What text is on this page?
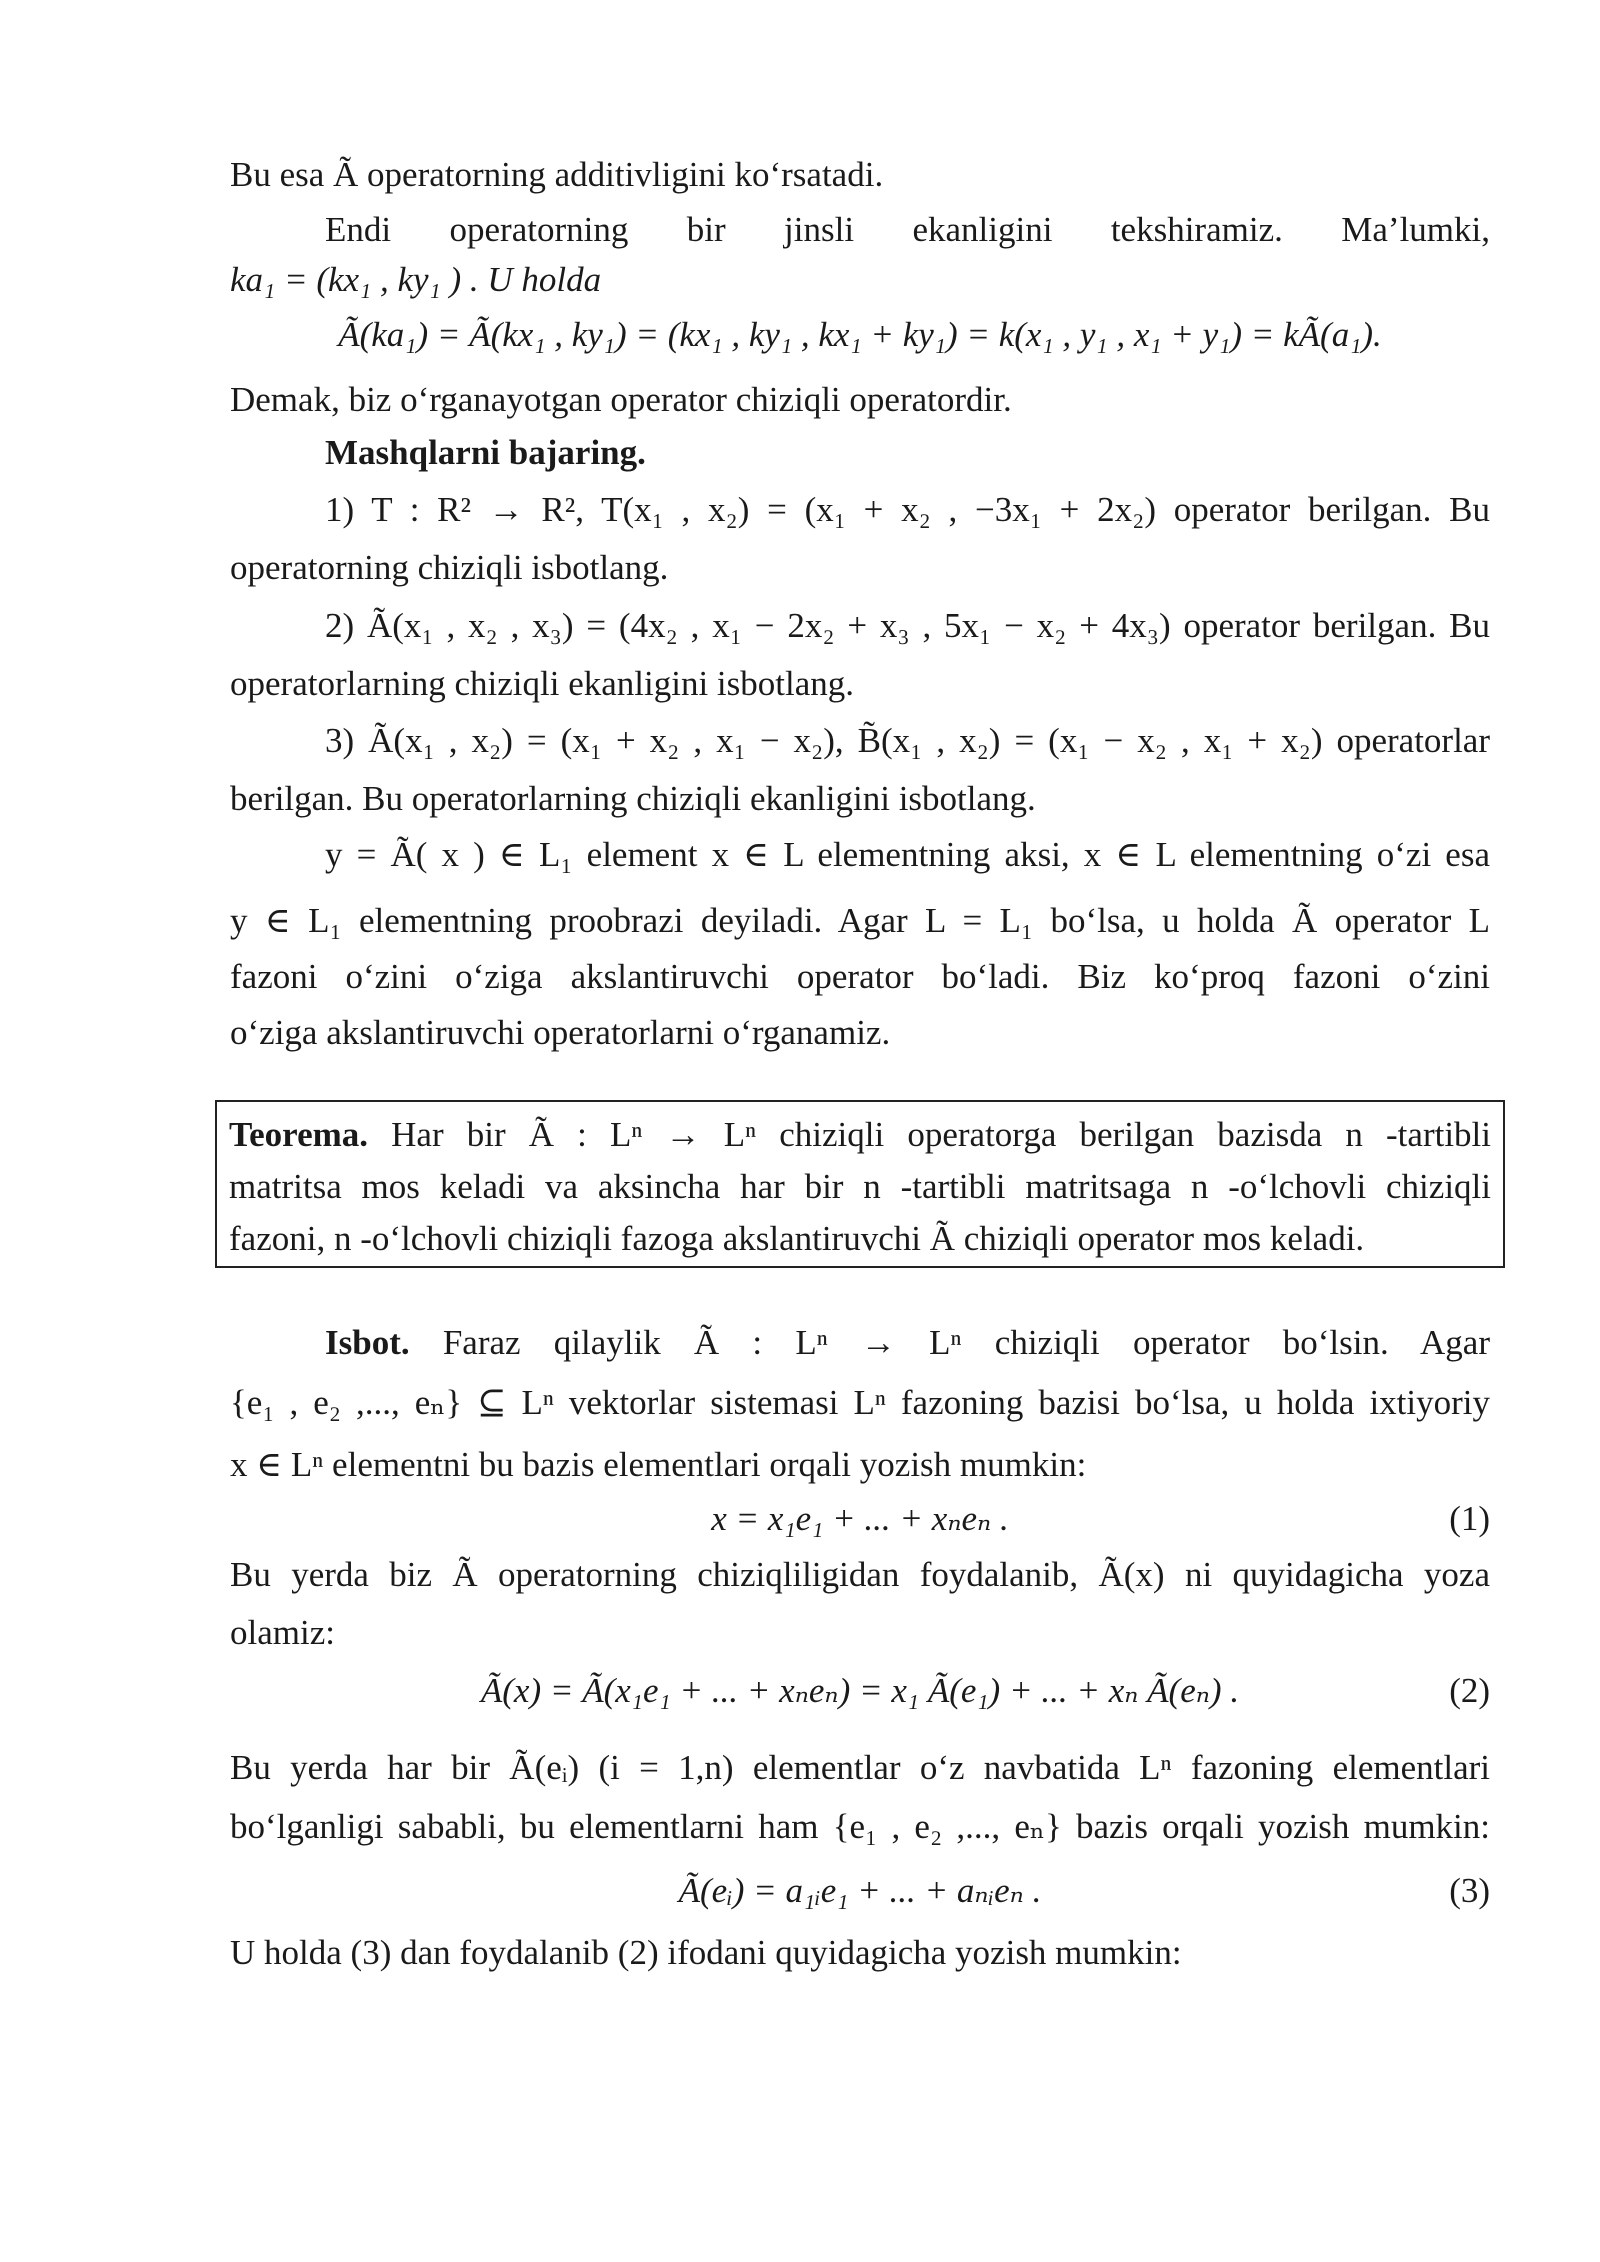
Bu esa Ã operatorning additivligini ko‘rsatadi.
Endi operatorning bir jinsli ekanligini tekshiramiz. Ma’lumki,
ka₁ = (kx₁ , ky₁ ) . U holda
Ã(ka₁) = Ã(kx₁ , ky₁) = (kx₁ , ky₁ , kx₁ + ky₁) = k(x₁ , y₁ , x₁ + y₁) = kÃ(a₁).
Demak, biz o‘rganayotgan operator chiziqli operatordir.
Mashqlarni bajaring.
1) T : R² → R², T(x₁ , x₂) = (x₁ + x₂ , −3x₁ + 2x₂) operator berilgan. Bu
operatorning chiziqli isbotlang.
2) Ã(x₁ , x₂ , x₃) = (4x₂ , x₁ − 2x₂ + x₃ , 5x₁ − x₂ + 4x₃) operator berilgan. Bu
operatorlarning chiziqli ekanligini isbotlang.
3) Ã(x₁ , x₂) = (x₁ + x₂ , x₁ − x₂), B̃(x₁ , x₂) = (x₁ − x₂ , x₁ + x₂) operatorlar
berilgan. Bu operatorlarning chiziqli ekanligini isbotlang.
y = Ã( x ) ∈ L₁ element x ∈ L elementning aksi, x ∈ L elementning o‘zi esa
y ∈ L₁ elementning proobrazi deyiladi. Agar L = L₁ bo‘lsa, u holda Ã operator L
fazoni o‘zini o‘ziga akslantiruvchi operator bo‘ladi. Biz ko‘proq fazoni o‘zini
o‘ziga akslantiruvchi operatorlarni o‘rganamiz.
Teorema. Har bir Ã : Lⁿ → Lⁿ chiziqli operatorga berilgan bazisda n -tartibli
matritsa mos keladi va aksincha har bir n -tartibli matritsaga n -o‘lchovli chiziqli
fazoni, n -o‘lchovli chiziqli fazoga akslantiruvchi Ã chiziqli operator mos keladi.
Isbot. Faraz qilaylik Ã : Lⁿ → Lⁿ chiziqli operator bo‘lsin. Agar
{e₁ , e₂ ,..., eₙ} ⊆ Lⁿ vektorlar sistemasi Lⁿ fazoning bazisi bo‘lsa, u holda ixtiyoriy
x ∈ Lⁿ elementni bu bazis elementlari orqali yozish mumkin:
x = x₁e₁ + ... + xₙeₙ .	(1)
Bu yerda biz Ã operatorning chiziqliligidan foydalanib, Ã(x) ni quyidagicha yoza
olamiz:
Ã(x) = Ã(x₁e₁ + ... + xₙeₙ) = x₁ Ã(e₁) + ... + xₙ Ã(eₙ) .	(2)
Bu yerda har bir Ã(eᵢ) (i = 1,n) elementlar o‘z navbatida Lⁿ fazoning elementlari
bo‘lganligi sababli, bu elementlarni ham {e₁ , e₂ ,..., eₙ} bazis orqali yozish mumkin:
Ã(eᵢ) = a₁ᵢe₁ + ... + aₙᵢeₙ .	(3)
U holda (3) dan foydalanib (2) ifodani quyidagicha yozish mumkin:
